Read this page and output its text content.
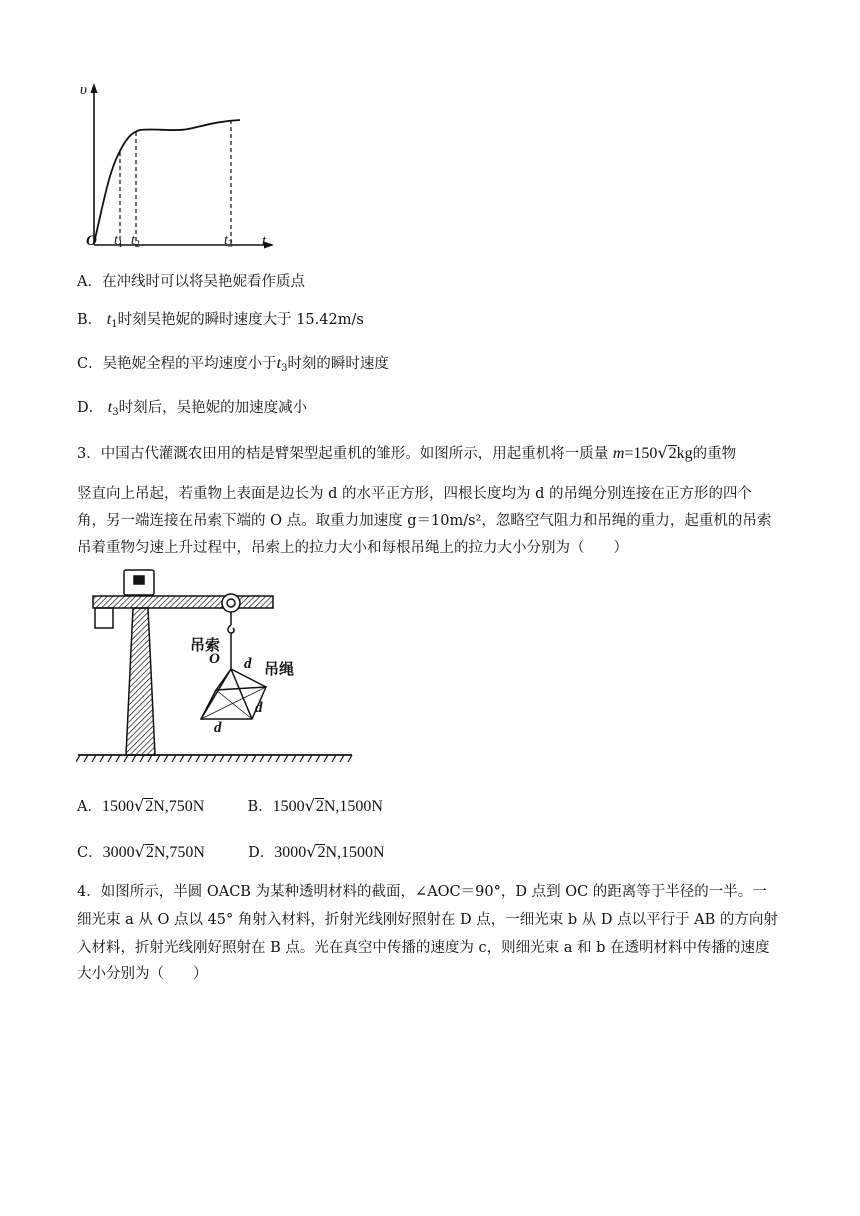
υ
t
O $t_1$ $t_2$	$t_3$
A．在冲线时可以将吴艳妮看作质点
B． $t_1$时刻吴艳妮的瞬时速度大于 15.42m/s
C．吴艳妮全程的平均速度小于$t_3$时刻的瞬时速度
D． $t_3$时刻后，吴艳妮的加速度减小
3．中国古代灌溉农田用的桔是臂架型起重机的雏形。如图所示，用起重机将一质量 m=150√2kg的重物
竖直向上吊起，若重物上表面是边长为 d 的水平正方形，四根长度均为 d 的吊绳分别连接在正方形的四个
角，另一端连接在吊索下端的 O 点。取重力加速度 g＝10m/s²，忽略空气阻力和吊绳的重力，起重机的吊索
吊着重物匀速上升过程中，吊索上的拉力大小和每根吊绳上的拉力大小分别为（　　）
吊索
O d 吊绳
d
d
A．1500√2N,750N	B．1500√2N,1500N
C．3000√2N,750N	D．3000√2N,1500N
4．如图所示，半圆 OACB 为某种透明材料的截面，∠AOC＝90°，D 点到 OC 的距离等于半径的一半。一
细光束 a 从 O 点以 45° 角射入材料，折射光线刚好照射在 D 点，一细光束 b 从 D 点以平行于 AB 的方向射
入材料，折射光线刚好照射在 B 点。光在真空中传播的速度为 c，则细光束 a 和 b 在透明材料中传播的速度
大小分别为（　　）
